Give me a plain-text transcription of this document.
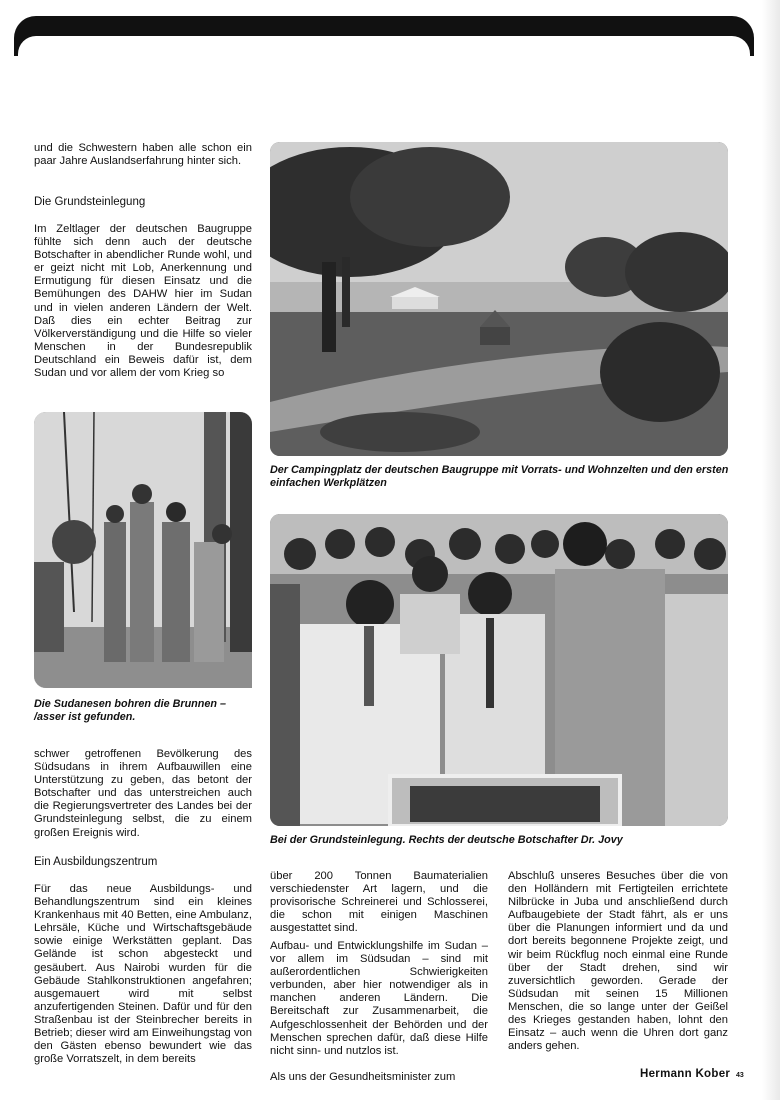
und die Schwestern haben alle schon ein paar Jahre Auslandserfahrung hinter sich.

Die Grundsteinlegung

Im Zeltlager der deutschen Baugruppe fühlte sich denn auch der deutsche Botschafter in abendlicher Runde wohl, und er geizt nicht mit Lob, Anerkennung und Ermutigung für diesen Einsatz und die Bemühungen des DAHW hier im Sudan und in vielen anderen Ländern der Welt. Daß dies ein echter Beitrag zur Völkerverständigung und die Hilfe so vieler Menschen in der Bundesrepublik Deutschland ein Beweis dafür ist, dem Sudan und vor allem der vom Krieg so

Der Campingplatz der deutschen Baugruppe mit Vorrats- und Wohnzelten und den ersten einfachen Werkplätzen

Die Sudanesen bohren die Brunnen – /asser ist gefunden.

schwer getroffenen Bevölkerung des Südsudans in ihrem Aufbauwillen eine Unterstützung zu geben, das betont der Botschafter und das unterstreichen auch die Regierungsvertreter des Landes bei der Grundsteinlegung selbst, die zu einem großen Ereignis wird.

Ein Ausbildungszentrum

Für das neue Ausbildungs- und Behandlungszentrum sind ein kleines Krankenhaus mit 40 Betten, eine Ambulanz, Lehrsäle, Küche und Wirtschaftsgebäude sowie einige Werkstätten geplant. Das Gelände ist schon abgesteckt und gesäubert. Aus Nairobi wurden für die Gebäude Stahlkonstruktionen angefahren; ausgemauert wird mit selbst anzufertigenden Steinen. Dafür und für den Straßenbau ist der Steinbrecher bereits in Betrieb; dieser wird am Einweihungstag von den Gästen ebenso bewundert wie das große Vorratszelt, in dem bereits

Bei der Grundsteinlegung. Rechts der deutsche Botschafter Dr. Jovy

über 200 Tonnen Baumaterialien verschiedenster Art lagern, und die provisorische Schreinerei und Schlosserei, die schon mit einigen Maschinen ausgestattet sind.

Aufbau- und Entwicklungshilfe im Sudan – vor allem im Südsudan – sind mit außerordentlichen Schwierigkeiten verbunden, aber hier notwendiger als in manchen anderen Ländern. Die Bereitschaft zur Zusammenarbeit, die Aufgeschlossenheit der Behörden und der Menschen sprechen dafür, daß diese Hilfe nicht sinn- und nutzlos ist.

Als uns der Gesundheitsminister zum

Abschluß unseres Besuches über die von den Holländern mit Fertigteilen errichtete Nilbrücke in Juba und anschließend durch Aufbaugebiete der Stadt fährt, als er uns über die Planungen informiert und da und dort bereits begonnene Projekte zeigt, und wir beim Rückflug noch einmal eine Runde über der Stadt drehen, sind wir zuversichtlich geworden. Gerade der Südsudan mit seinen 15 Millionen Menschen, die so lange unter der Geißel des Krieges gestanden haben, lohnt den Einsatz – auch wenn die Uhren dort ganz anders gehen.

Hermann Kober 43
